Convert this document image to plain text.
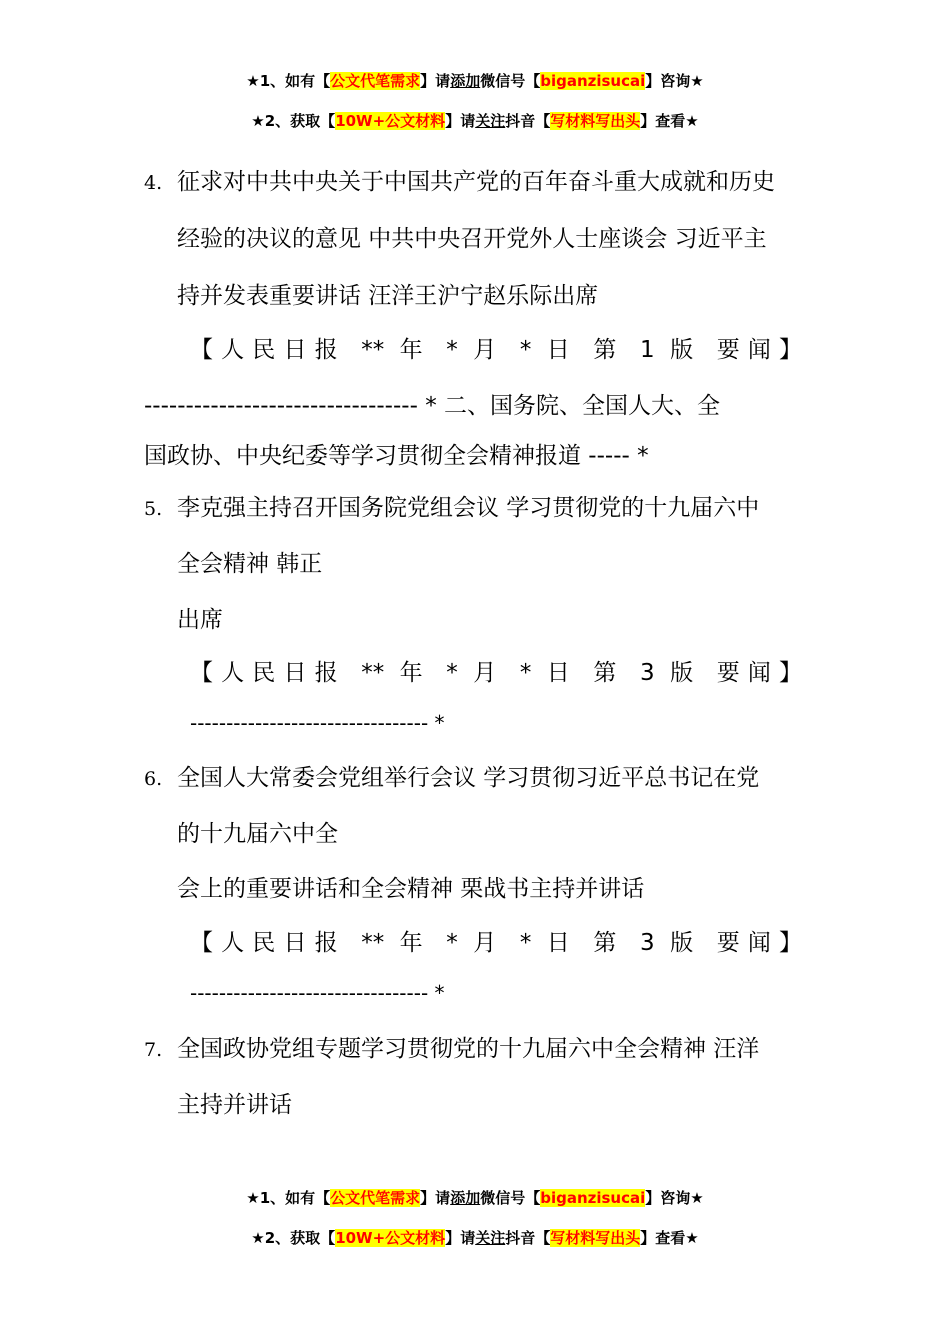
★1、如有【公文代笔需求】请添加微信号【biganzisucai】咨询★
★2、获取【10W+公文材料】请关注抖音【写材料写出头】查看★
4. 征求对中共中央关于中国共产党的百年奋斗重大成就和历史
经验的决议的意见 中共中央召开党外人士座谈会 习近平主
持并发表重要讲话 汪洋王沪宁赵乐际出席
【人民日报 ** 年 * 月 * 日 第 1 版 要闻】
--------------------------------- * 二、国务院、全国人大、全
国政协、中央纪委等学习贯彻全会精神报道 ----- *
5. 李克强主持召开国务院党组会议 学习贯彻党的十九届六中
全会精神 韩正
出席
【人民日报 ** 年 * 月 * 日 第 3 版 要闻】
--------------------------------- *
6. 全国人大常委会党组举行会议 学习贯彻习近平总书记在党
的十九届六中全
会上的重要讲话和全会精神 栗战书主持并讲话
【人民日报 ** 年 * 月 * 日 第 3 版 要闻】
--------------------------------- *
7. 全国政协党组专题学习贯彻党的十九届六中全会精神 汪洋
主持并讲话
★1、如有【公文代笔需求】请添加微信号【biganzisucai】咨询★
★2、获取【10W+公文材料】请关注抖音【写材料写出头】查看★
